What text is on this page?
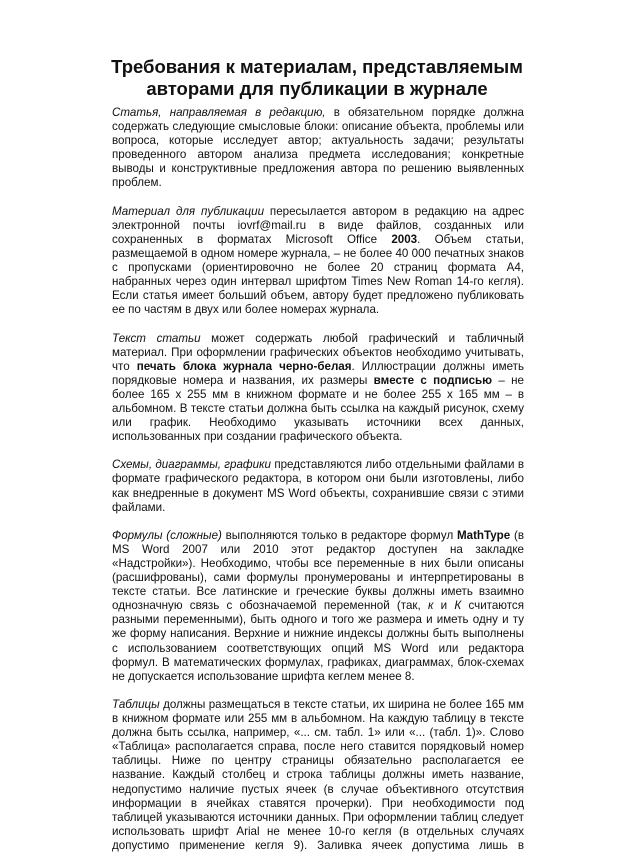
Требования к материалам, представляемым авторами для публикации в журнале

Статья, направляемая в редакцию, в обязательном порядке должна содержать следующие смысловые блоки: описание объекта, проблемы или вопроса, которые исследует автор; актуальность задачи; результаты проведенного автором анализа предмета исследования; конкретные выводы и конструктивные предложения автора по решению выявленных проблем.

Материал для публикации пересылается автором в редакцию на адрес электронной почты iovrf@mail.ru в виде файлов, созданных или сохраненных в форматах Microsoft Office 2003. Объем статьи, размещаемой в одном номере журнала, – не более 40 000 печатных знаков с пропусками (ориентировочно не более 20 страниц формата А4, набранных через один интервал шрифтом Times New Roman 14-го кегля). Если статья имеет больший объем, автору будет предложено публиковать ее по частям в двух или более номерах журнала.

Текст статьи может содержать любой графический и табличный материал. При оформлении графических объектов необходимо учитывать, что печать блока журнала черно-белая. Иллюстрации должны иметь порядковые номера и названия, их размеры вместе с подписью – не более 165 х 255 мм в книжном формате и не более 255 х 165 мм – в альбомном. В тексте статьи должна быть ссылка на каждый рисунок, схему или график. Необходимо указывать источники всех данных, использованных при создании графического объекта.

Схемы, диаграммы, графики представляются либо отдельными файлами в формате графического редактора, в котором они были изготовлены, либо как внедренные в документ MS Word объекты, сохранившие связи с этими файлами.

Формулы (сложные) выполняются только в редакторе формул MathType (в MS Word 2007 или 2010 этот редактор доступен на закладке «Надстройки»). Необходимо, чтобы все переменные в них были описаны (расшифрованы), сами формулы пронумерованы и интерпретированы в тексте статьи. Все латинские и греческие буквы должны иметь взаимно однозначную связь с обозначаемой переменной (так, к и К считаются разными переменными), быть одного и того же размера и иметь одну и ту же форму написания. Верхние и нижние индексы должны быть выполнены с использованием соответствующих опций MS Word или редактора формул. В математических формулах, графиках, диаграммах, блок-схемах не допускается использование шрифта кеглем менее 8.

Таблицы должны размещаться в тексте статьи, их ширина не более 165 мм в книжном формате или 255 мм в альбомном. На каждую таблицу в тексте должна быть ссылка, например, «... см. табл. 1» или «... (табл. 1)». Слово «Таблица» располагается справа, после него ставится порядковый номер таблицы. Ниже по центру страницы обязательно располагается ее название. Каждый столбец и строка таблицы должны иметь название, недопустимо наличие пустых ячеек (в случае объективного отсутствия информации в ячейках ставятся прочерки). При необходимости под таблицей указываются источники данных. При оформлении таблиц следует использовать шрифт Arial не менее 10-го кегля (в отдельных случаях допустимо применение кегля 9). Заливка ячеек допустима лишь в
